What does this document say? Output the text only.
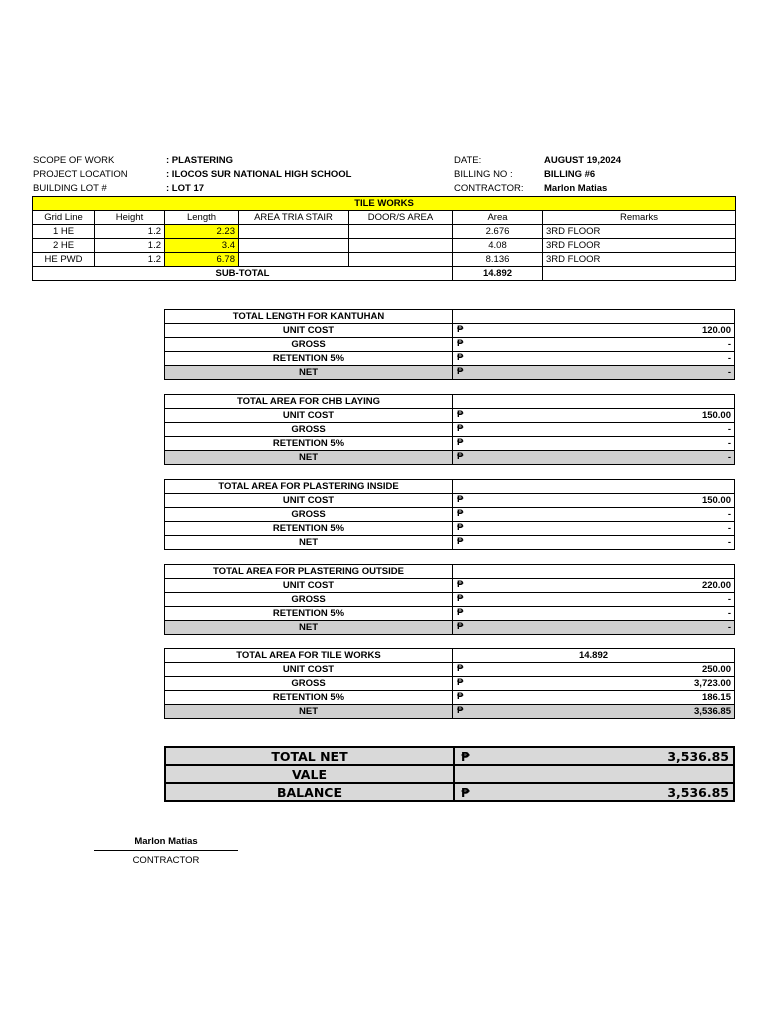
SCOPE OF WORK	: PLASTERING
PROJECT LOCATION	: ILOCOS SUR NATIONAL HIGH SCHOOL
BUILDING LOT #	: LOT 17
DATE:	AUGUST 19,2024
BILLING NO :	BILLING #6
CONTRACTOR: Marlon Matias
TILE WORKS						
Grid Line	Height	Length	AREA TRIA STAIR	DOOR/S AREA	Area	Remarks
1 HE	1.2	2.23			2.676	3RD FLOOR
2 HE	1.2	3.4			4.08	3RD FLOOR
HE PWD	1.2	6.78			8.136	3RD FLOOR
SUB-TOTAL					14.892	
TOTAL LENGTH FOR KANTUHAN	
UNIT COST	₱ 120.00
GROSS	₱ -
RETENTION 5%	₱ -
NET	₱ -
TOTAL AREA FOR CHB LAYING	
UNIT COST	₱ 150.00
GROSS	₱ -
RETENTION 5%	₱ -
NET	₱ -
TOTAL AREA FOR PLASTERING INSIDE	
UNIT COST	₱ 150.00
GROSS	₱ -
RETENTION 5%	₱ -
NET	₱ -
TOTAL AREA FOR PLASTERING OUTSIDE	
UNIT COST	₱ 220.00
GROSS	₱ -
RETENTION 5%	₱ -
NET	₱ -
TOTAL AREA FOR TILE WORKS	14.892
UNIT COST	₱ 250.00
GROSS	₱ 3,723.00
RETENTION 5%	₱ 186.15
NET	₱ 3,536.85
TOTAL NET	₱ 3,536.85
VALE	
BALANCE	₱ 3,536.85
Marlon Matias
CONTRACTOR
